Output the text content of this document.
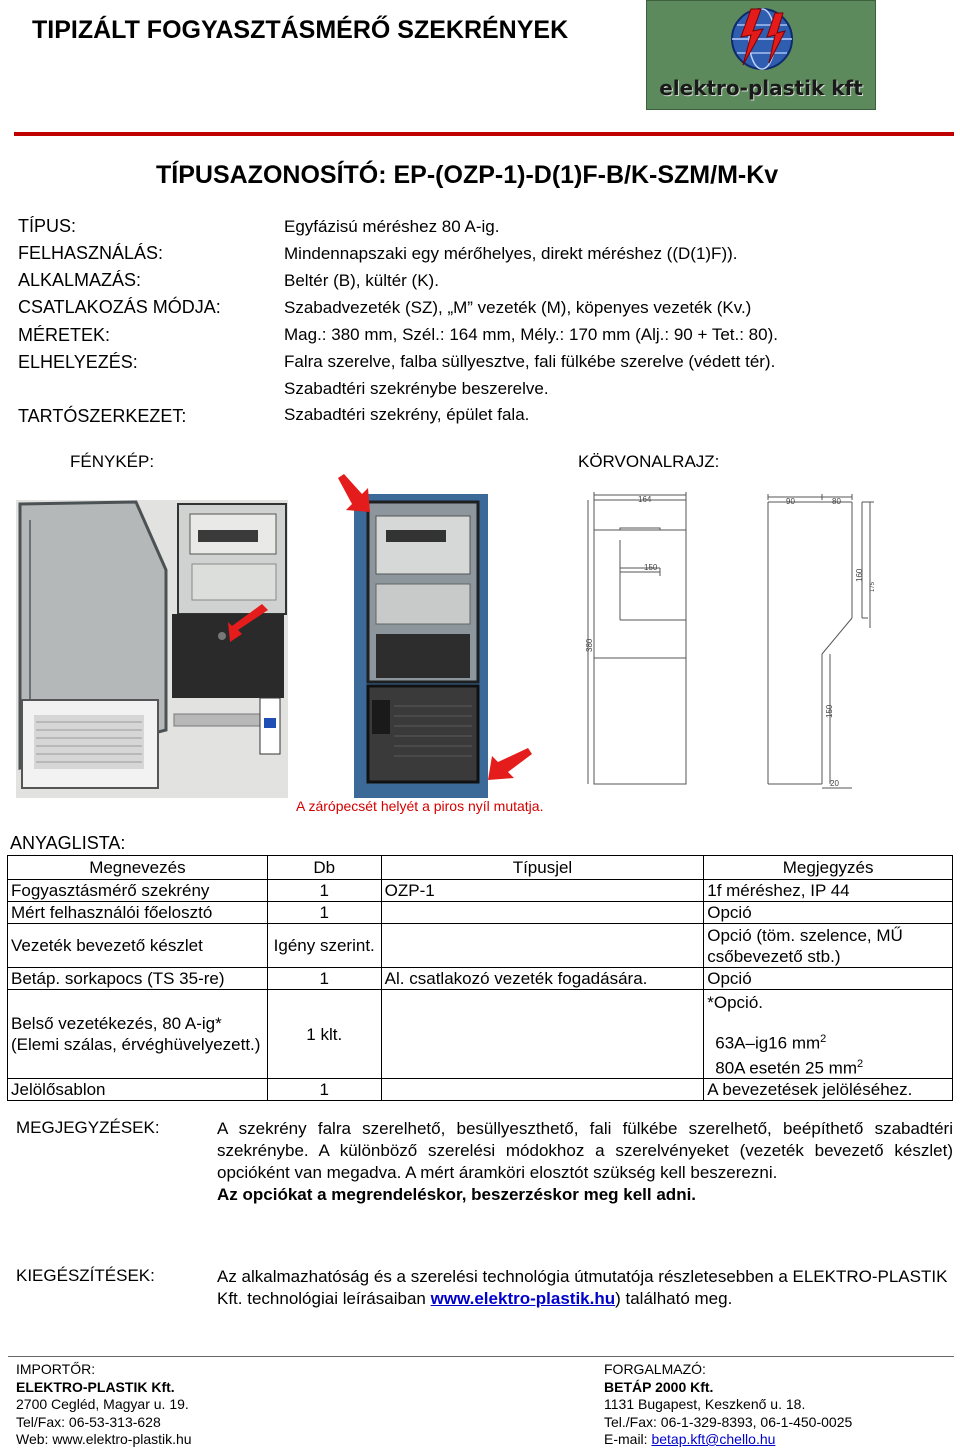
TIPIZÁLT FOGYASZTÁSMÉRŐ SZEKRÉNYEK
elektro-plastik kft
TÍPUSAZONOSÍTÓ: EP-(OZP-1)-D(1)F-B/K-SZM/M-Kv
TÍPUS:	Egyfázisú méréshez 80 A-ig.
FELHASZNÁLÁS:	Mindennapszaki egy mérőhelyes, direkt méréshez ((D(1)F)).
ALKALMAZÁS:	Beltér (B), kültér (K).
CSATLAKOZÁS MÓDJA:	Szabadvezeték (SZ), „M” vezeték (M), köpenyes vezeték (Kv.)
MÉRETEK:	Mag.: 380 mm, Szél.: 164 mm, Mély.: 170 mm (Alj.: 90 + Tet.: 80).
ELHELYEZÉS:	Falra szerelve, falba süllyesztve, fali fülkébe szerelve (védett tér).
Szabadtéri szekrénybe beszerelve.
TARTÓSZERKEZET:	Szabadtéri szekrény, épület fala.
FÉNYKÉP:	KÖRVONALRAJZ:
164	90	80
150
160
175
380
150
20
A zárópecsét helyét a piros nyíl mutatja.
ANYAGLISTA:
Megnevezés	Db	Típusjel	Megjegyzés
Fogyasztásmérő szekrény	1	OZP-1	1f méréshez, IP 44
Mért felhasználói főelosztó	1		Opció
Vezeték bevezető készlet	Igény szerint.		Opció (töm. szelence, MŰ csőbevezető stb.)
Betáp. sorkapocs (TS 35-re)	1	Al. csatlakozó vezeték fogadására.	Opció
Belső vezetékezés, 80 A-ig* (Elemi szálas, érvéghüvelyezett.)	1 klt.		*Opció.
63A–ig16 $mm^2$
80A esetén 25 $mm^2$

Jelölősablon	1		A bevezetések jelöléséhez.
MEGJEGYZÉSEK:	A szekrény falra szerelhető, besüllyeszthető, fali fülkébe szerelhető, beépíthető szabadtéri szekrénybe. A különböző szerelési módokhoz a szerelvényeket (vezeték bevezető készlet) opcióként van megadva. A mért áramköri elosztót szükség kell beszerezni.
Az opciókat a megrendeléskor, beszerzéskor meg kell adni.
KIEGÉSZÍTÉSEK:	Az alkalmazhatóság és a szerelési technológia útmutatója részletesebben a ELEKTRO-PLASTIK Kft. technológiai leírásaiban www.elektro-plastik.hu) található meg.
IMPORTŐR:
ELEKTRO-PLASTIK Kft.
2700 Cegléd, Magyar u. 19.
Tel/Fax: 06-53-313-628
Web: www.elektro-plastik.hu
FORGALMAZÓ:
BETÁP 2000 Kft.
1131 Bugapest, Keszkenő u. 18.
Tel./Fax: 06-1-329-8393, 06-1-450-0025
E-mail: betap.kft@chello.hu
